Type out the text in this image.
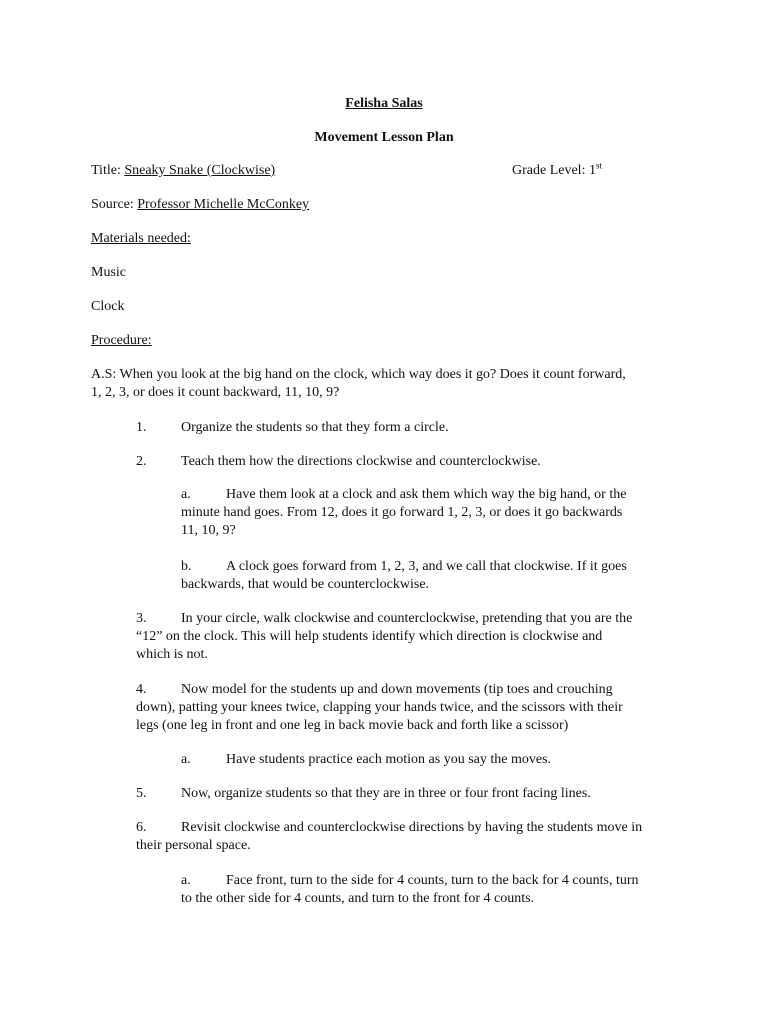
Felisha Salas
Movement Lesson Plan
Title: Sneaky Snake (Clockwise)	Grade Level: 1st
Source: Professor Michelle McConkey
Materials needed:
Music
Clock
Procedure:
A.S: When you look at the big hand on the clock, which way does it go? Does it count forward,
1, 2, 3, or does it count backward, 11, 10, 9?
1. Organize the students so that they form a circle.
2. Teach them how the directions clockwise and counterclockwise.
a.	Have them look at a clock and ask them which way the big hand, or the
minute hand goes. From 12, does it go forward 1, 2, 3, or does it go backwards
11, 10, 9?
b. A clock goes forward from 1, 2, 3, and we call that clockwise. If it goes
backwards, that would be counterclockwise.
3. In your circle, walk clockwise and counterclockwise, pretending that you are the
“12” on the clock. This will help students identify which direction is clockwise and
which is not.
4. Now model for the students up and down movements (tip toes and crouching
down), patting your knees twice, clapping your hands twice, and the scissors with their
legs (one leg in front and one leg in back movie back and forth like a scissor)
a.	Have students practice each motion as you say the moves.
5. Now, organize students so that they are in three or four front facing lines.
6. Revisit clockwise and counterclockwise directions by having the students move in
their personal space.
a.	Face front, turn to the side for 4 counts, turn to the back for 4 counts, turn
to the other side for 4 counts, and turn to the front for 4 counts.
